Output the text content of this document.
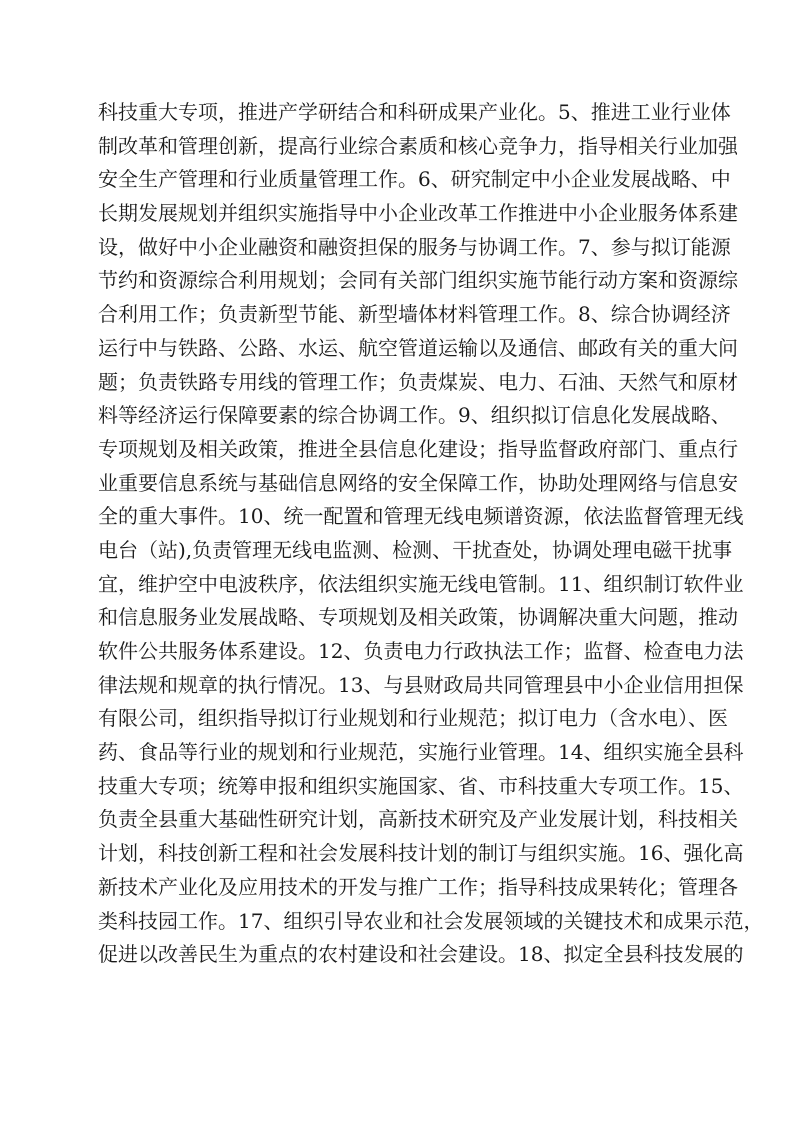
科技重大专项，推进产学研结合和科研成果产业化。5、推进工业行业体
制改革和管理创新，提高行业综合素质和核心竞争力，指导相关行业加强
安全生产管理和行业质量管理工作。6、研究制定中小企业发展战略、中
长期发展规划并组织实施指导中小企业改革工作推进中小企业服务体系建
设，做好中小企业融资和融资担保的服务与协调工作。7、参与拟订能源
节约和资源综合利用规划；会同有关部门组织实施节能行动方案和资源综
合利用工作；负责新型节能、新型墙体材料管理工作。8、综合协调经济
运行中与铁路、公路、水运、航空管道运输以及通信、邮政有关的重大问
题；负责铁路专用线的管理工作；负责煤炭、电力、石油、天然气和原材
料等经济运行保障要素的综合协调工作。9、组织拟订信息化发展战略、
专项规划及相关政策，推进全县信息化建设；指导监督政府部门、重点行
业重要信息系统与基础信息网络的安全保障工作，协助处理网络与信息安
全的重大事件。10、统一配置和管理无线电频谱资源，依法监督管理无线
电台（站),负责管理无线电监测、检测、干扰查处，协调处理电磁干扰事
宜，维护空中电波秩序，依法组织实施无线电管制。11、组织制订软件业
和信息服务业发展战略、专项规划及相关政策，协调解决重大问题，推动
软件公共服务体系建设。12、负责电力行政执法工作；监督、检查电力法
律法规和规章的执行情况。13、与县财政局共同管理县中小企业信用担保
有限公司，组织指导拟订行业规划和行业规范；拟订电力（含水电）、医
药、食品等行业的规划和行业规范，实施行业管理。14、组织实施全县科
技重大专项；统筹申报和组织实施国家、省、市科技重大专项工作。15、
负责全县重大基础性研究计划，高新技术研究及产业发展计划，科技相关
计划，科技创新工程和社会发展科技计划的制订与组织实施。16、强化高
新技术产业化及应用技术的开发与推广工作；指导科技成果转化；管理各
类科技园工作。17、组织引导农业和社会发展领域的关键技术和成果示范，
促进以改善民生为重点的农村建设和社会建设。18、拟定全县科技发展的
